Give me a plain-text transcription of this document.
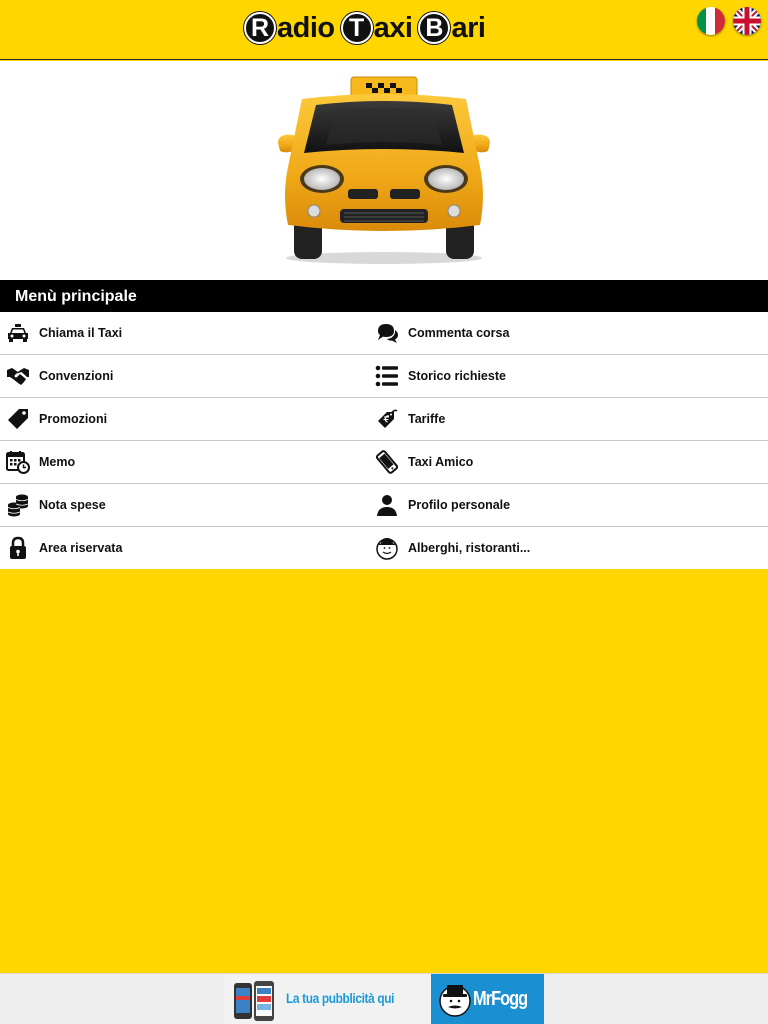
R adio T axi B ari
Menù principale
Chiama il Taxi	Commenta corsa
Convenzioni	Storico richieste
Promozioni	Tariffe
Memo	Taxi Amico
Nota spese	Profilo personale
Area riservata	Alberghi, ristoranti...
La tua pubblicità qui	MrFogg
